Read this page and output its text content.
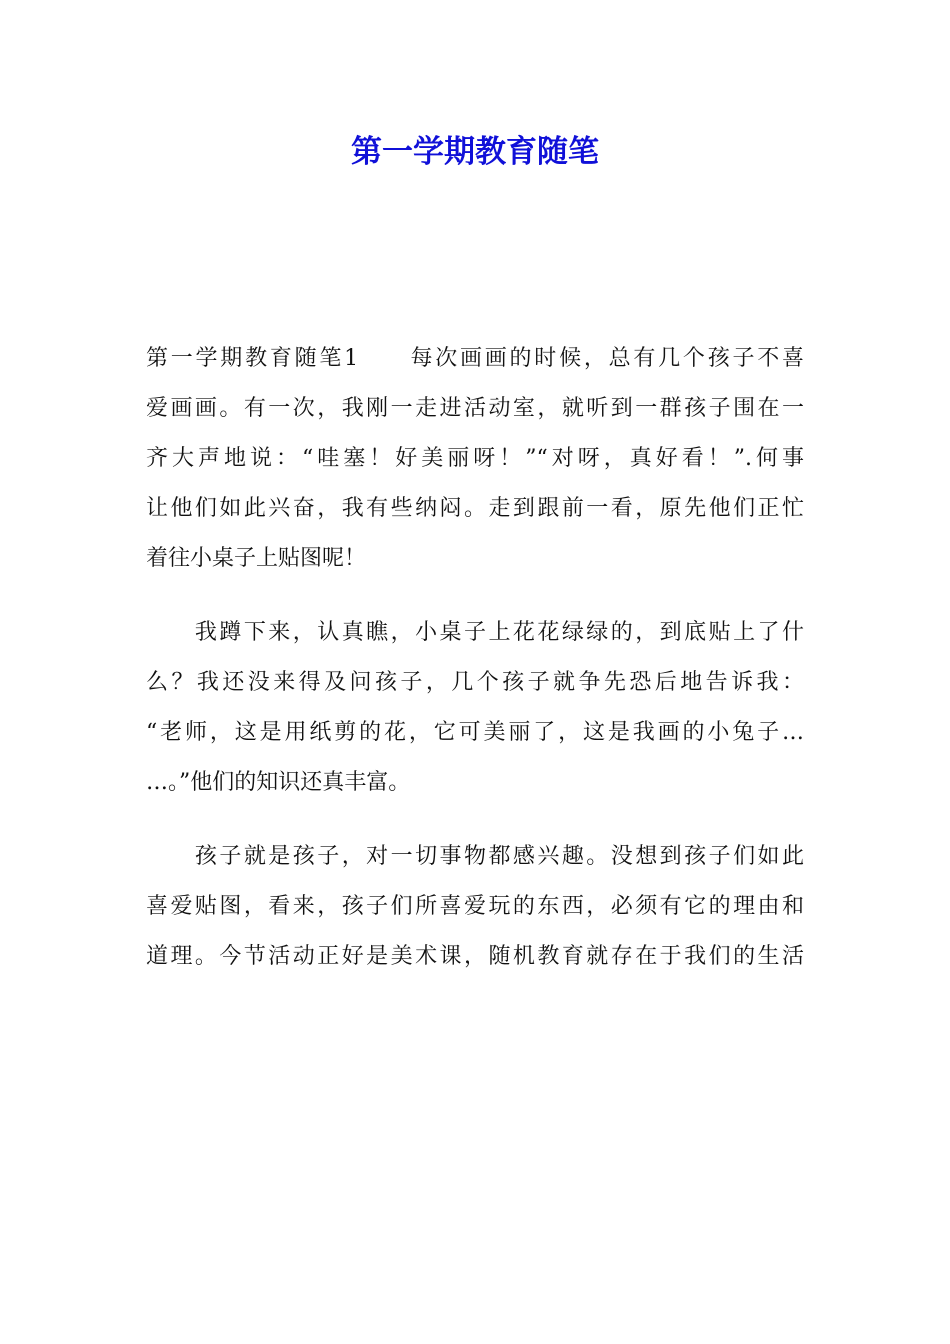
第一学期教育随笔
第一学期教育随笔1　　每次画画的时候，总有几个孩子不喜
爱画画。有一次，我刚一走进活动室，就听到一群孩子围在一
齐大声地说：“哇塞！好美丽呀！”“对呀，真好看！”.何事
让他们如此兴奋，我有些纳闷。走到跟前一看，原先他们正忙
着往小桌子上贴图呢！
　　我蹲下来，认真瞧，小桌子上花花绿绿的，到底贴上了什
么？我还没来得及问孩子，几个孩子就争先恐后地告诉我：
“老师，这是用纸剪的花，它可美丽了，这是我画的小兔子…
…。”他们的知识还真丰富。
　　孩子就是孩子，对一切事物都感兴趣。没想到孩子们如此
喜爱贴图，看来，孩子们所喜爱玩的东西，必须有它的理由和
道理。今节活动正好是美术课，随机教育就存在于我们的生活
